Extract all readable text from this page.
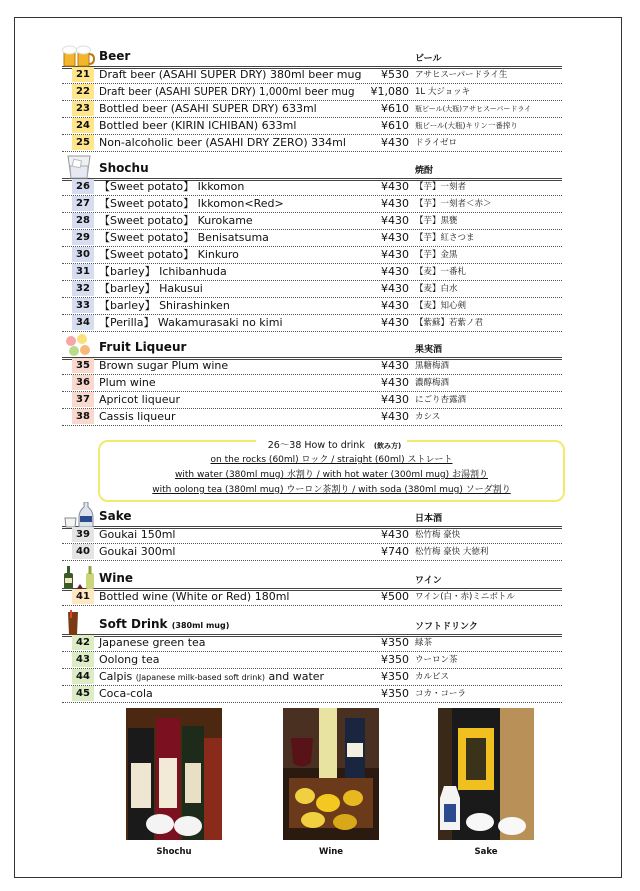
Beer	ビール
21 Draft beer (ASAHI SUPER DRY) 380ml beer mug	¥530 アサヒスーパードライ生
22 Draft beer (ASAHI SUPER DRY) 1,000ml beer mug	¥1,080 1L 大ジョッキ
23 Bottled beer (ASAHI SUPER DRY) 633ml	¥610 瓶ビール(大瓶)アサヒスーパードライ
24 Bottled beer (KIRIN ICHIBAN) 633ml	¥610 瓶ビール(大瓶)キリン一番搾り
25 Non-alcoholic beer (ASAHI DRY ZERO) 334ml	¥430 ドライゼロ
Shochu	焼酎
26 【Sweet potato】 Ikkomon	¥430 【芋】一刻者
27 【Sweet potato】 Ikkomon<Red>	¥430 【芋】一刻者＜赤＞
28 【Sweet potato】 Kurokame	¥430 【芋】黒甕
29 【Sweet potato】 Benisatsuma	¥430 【芋】紅さつま
30 【Sweet potato】 Kinkuro	¥430 【芋】金黒
31 【barley】 Ichibanhuda	¥430 【麦】一番札
32 【barley】 Hakusui	¥430 【麦】白水
33 【barley】 Shirashinken	¥430 【麦】知心剣
34 【Perilla】 Wakamurasaki no kimi	¥430 【紫蘇】若紫ノ君
Fruit Liqueur	果実酒
35 Brown sugar Plum wine	¥430 黒糖梅酒
36 Plum wine	¥430 濃醇梅酒
37 Apricot liqueur	¥430 にごり杏露酒
38 Cassis liqueur	¥430 カシス
26〜38 How to drink (飲み方)
on the rocks (60ml) ロック / straight (60ml) ストレート
with water (380ml mug) 水割り / with hot water (300ml mug) お湯割り
with oolong tea (380ml mug) ウーロン茶割り / with soda (380ml mug) ソーダ割り
Sake	日本酒
39 Goukai 150ml	¥430 松竹梅 豪快
40 Goukai 300ml	¥740 松竹梅 豪快 大徳利
Wine	ワイン
41 Bottled wine (White or Red) 180ml	¥500 ワイン(白・赤)ミニボトル
Soft Drink (380ml mug)	ソフトドリンク
42 Japanese green tea	¥350 緑茶
43 Oolong tea	¥350 ウーロン茶
44 Calpis (Japanese milk-based soft drink) and water	¥350 カルピス
45 Coca-cola	¥350 コカ・コーラ
Shochu	Wine	Sake
